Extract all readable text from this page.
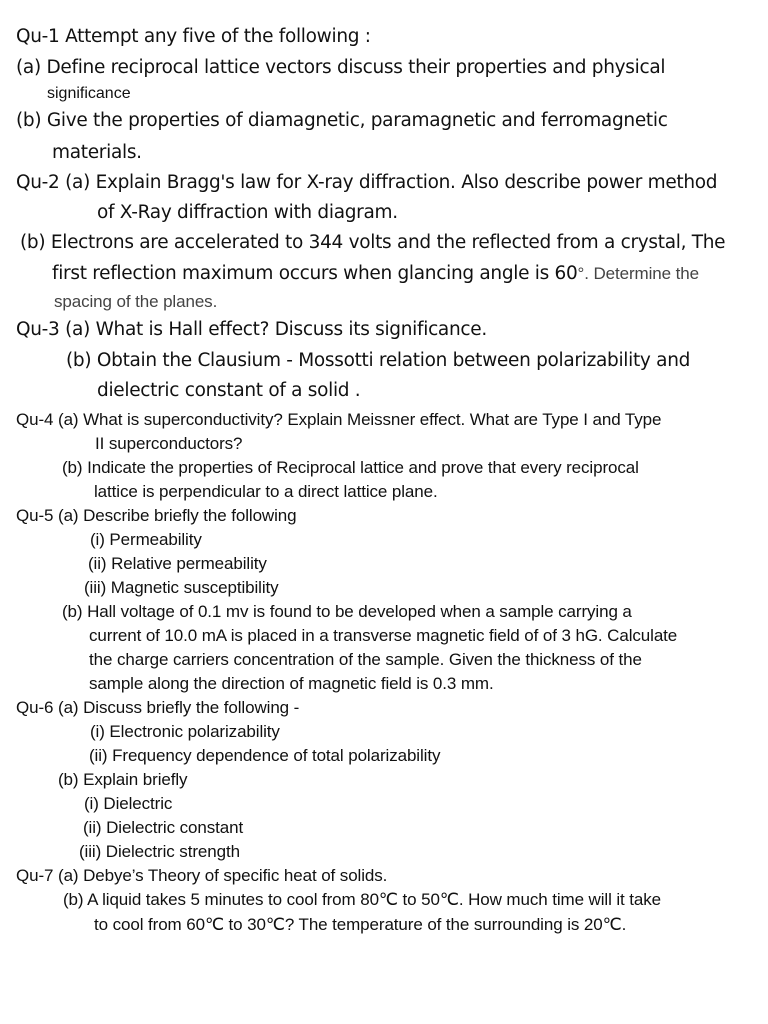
Qu-1 Attempt any five of the following :
(a) Define reciprocal lattice vectors discuss their properties and physical
significance
(b) Give the properties of diamagnetic, paramagnetic and ferromagnetic
materials.
Qu-2 (a) Explain Bragg's law for X-ray diffraction. Also describe power method
of X-Ray diffraction with diagram.
(b) Electrons are accelerated to 344 volts and the reflected from a crystal, The
first reflection maximum occurs when glancing angle is 60°. Determine the
spacing of the planes.
Qu-3 (a) What is Hall effect? Discuss its significance.
(b) Obtain the Clausium - Mossotti relation between polarizability and
dielectric constant of a solid .
Qu-4 (a) What is superconductivity? Explain Meissner effect. What are Type I and Type
II superconductors?
(b) Indicate the properties of Reciprocal lattice and prove that every reciprocal
lattice is perpendicular to a direct lattice plane.
Qu-5 (a) Describe briefly the following
(i) Permeability
(ii) Relative permeability
(iii) Magnetic susceptibility
(b) Hall voltage of 0.1 mv is found to be developed when a sample carrying a
current of 10.0 mA is placed in a transverse magnetic field of of 3 hG. Calculate
the charge carriers concentration of the sample. Given the thickness of the
sample along the direction of magnetic field is 0.3 mm.
Qu-6 (a) Discuss briefly the following -
(i) Electronic polarizability
(ii) Frequency dependence of total polarizability
(b) Explain briefly
(i) Dielectric
(ii) Dielectric constant
(iii) Dielectric strength
Qu-7 (a) Debye’s Theory of specific heat of solids.
(b) A liquid takes 5 minutes to cool from 80℃ to 50℃. How much time will it take
to cool from 60℃ to 30℃? The temperature of the surrounding is 20℃.
